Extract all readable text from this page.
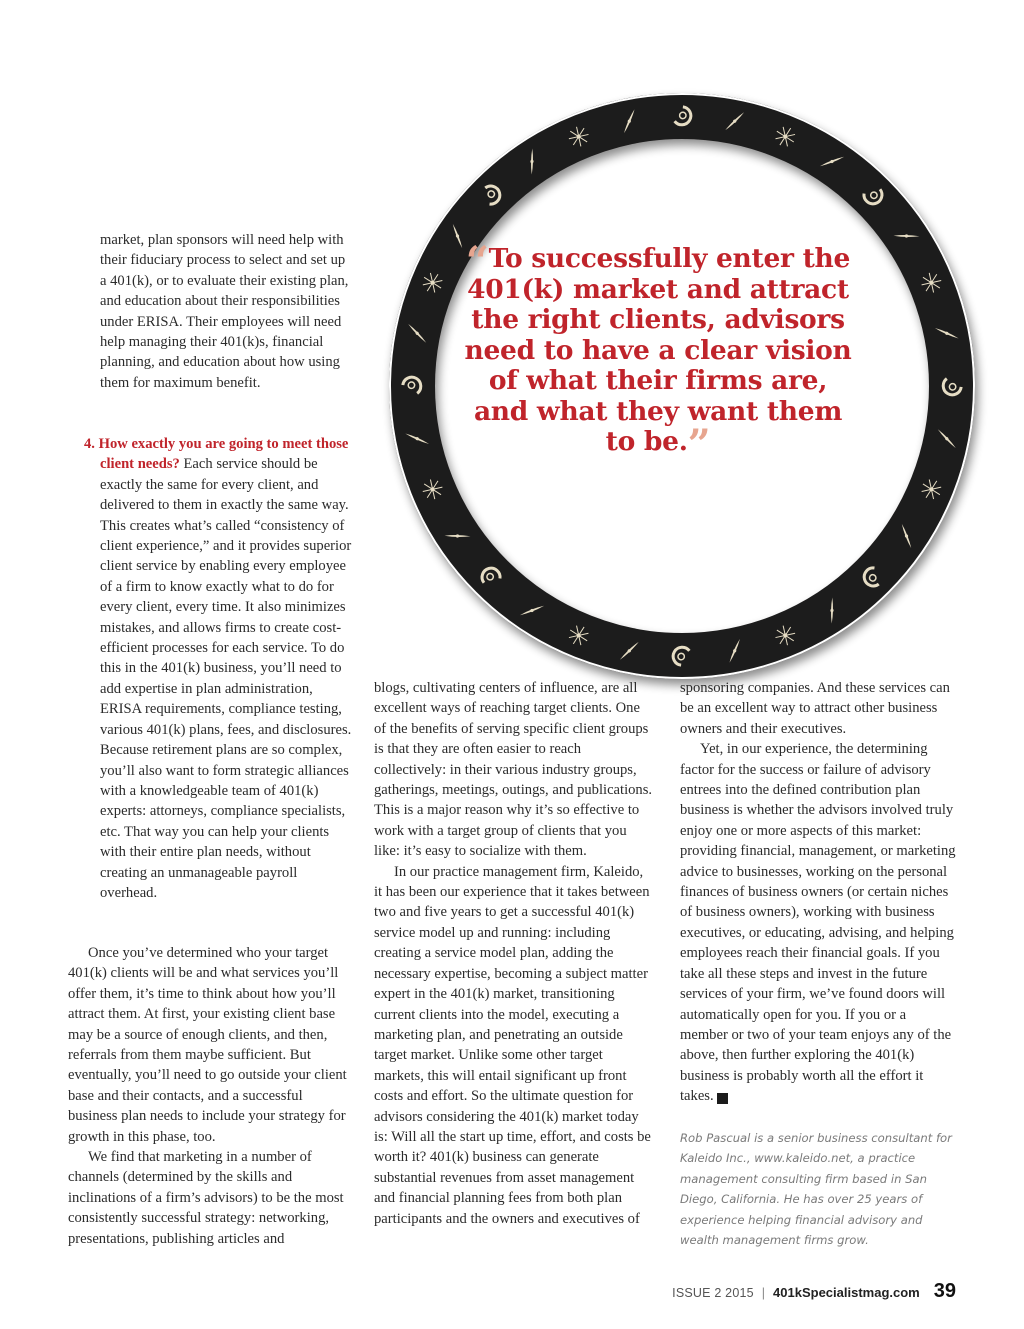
“To successfully enter the 401(k) market and attract the right clients, advisors need to have a clear vision of what their firms are, and what they want them to be.”

market, plan sponsors will need help with their fiduciary process to select and set up a 401(k), or to evaluate their existing plan, and education about their responsibilities under ERISA. Their employees will need help managing their 401(k)s, financial planning, and education about how using them for maximum benefit.

4. How exactly you are going to meet those client needs? Each service should be exactly the same for every client, and delivered to them in exactly the same way. This creates what’s called “consistency of client experience,” and it provides superior client service by enabling every employee of a firm to know exactly what to do for every client, every time. It also minimizes mistakes, and allows firms to create cost-efficient processes for each service. To do this in the 401(k) business, you’ll need to add expertise in plan administration, ERISA requirements, compliance testing, various 401(k) plans, fees, and disclosures. Because retirement plans are so complex, you’ll also want to form strategic alliances with a knowledgeable team of 401(k) experts: attorneys, compliance specialists, etc. That way you can help your clients with their entire plan needs, without creating an unmanageable payroll overhead.

Once you’ve determined who your target 401(k) clients will be and what services you’ll offer them, it’s time to think about how you’ll attract them. At first, your existing client base may be a source of enough clients, and then, referrals from them maybe sufficient. But eventually, you’ll need to go outside your client base and their contacts, and a successful business plan needs to include your strategy for growth in this phase, too.

We find that marketing in a number of channels (determined by the skills and inclinations of a firm’s advisors) to be the most consistently successful strategy: networking, presentations, publishing articles and

blogs, cultivating centers of influence, are all excellent ways of reaching target clients. One of the benefits of serving specific client groups is that they are often easier to reach collectively: in their various industry groups, gatherings, meetings, outings, and publications. This is a major reason why it’s so effective to work with a target group of clients that you like: it’s easy to socialize with them.

In our practice management firm, Kaleido, it has been our experience that it takes between two and five years to get a successful 401(k) service model up and running: including creating a service model plan, adding the necessary expertise, becoming a subject matter expert in the 401(k) market, transitioning current clients into the model, executing a marketing plan, and penetrating an outside target market. Unlike some other target markets, this will entail significant up front costs and effort. So the ultimate question for advisors considering the 401(k) market today is: Will all the start up time, effort, and costs be worth it? 401(k) business can generate substantial revenues from asset management and financial planning fees from both plan participants and the owners and executives of

sponsoring companies. And these services can be an excellent way to attract other business owners and their executives.

Yet, in our experience, the determining factor for the success or failure of advisory entrees into the defined contribution plan business is whether the advisors involved truly enjoy one or more aspects of this market: providing financial, management, or marketing advice to businesses, working on the personal finances of business owners (or certain niches of business owners), working with business executives, or educating, advising, and helping employees reach their financial goals. If you take all these steps and invest in the future services of your firm, we’ve found doors will automatically open for you. If you or a member or two of your team enjoys any of the above, then further exploring the 401(k) business is probably worth all the effort it takes.	K

Rob Pascual is a senior business consultant for Kaleido Inc., www.kaleido.net, a practice management consulting firm based in San Diego, California. He has over 25 years of experience helping financial advisory and wealth management firms grow.
ISSUE 2 2015 | 401kSpecialistmag.com 39
